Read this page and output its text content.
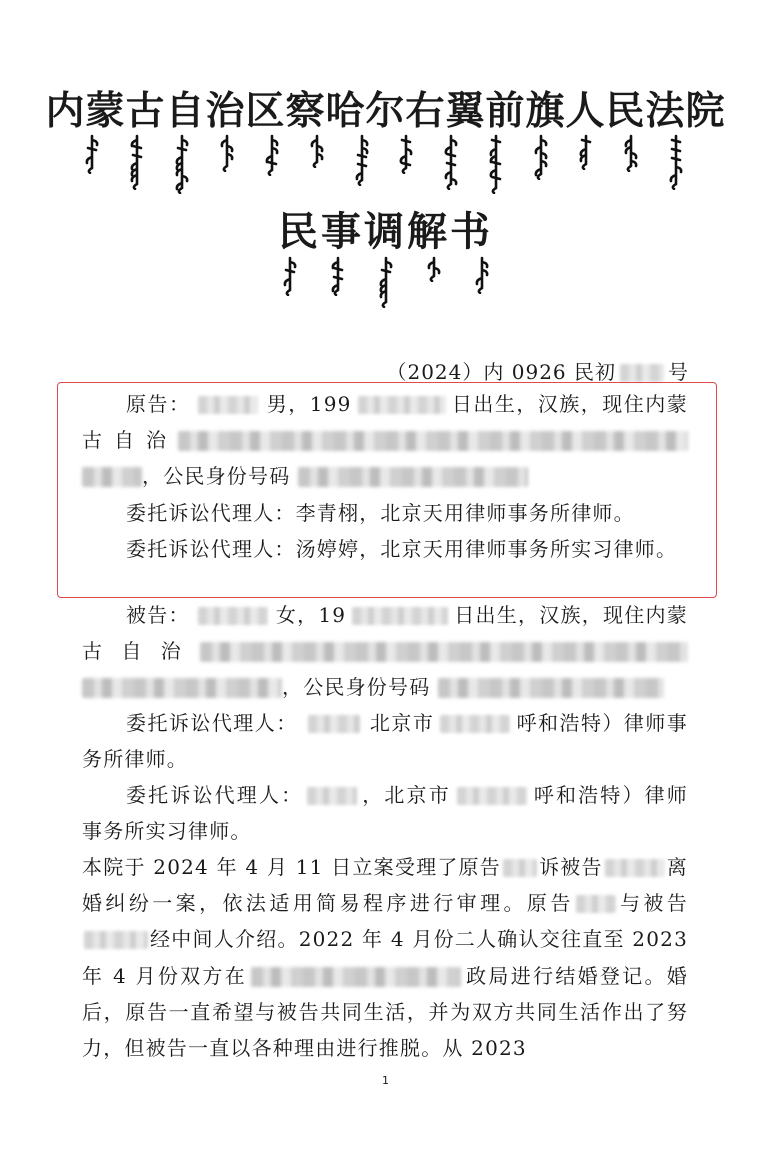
内蒙古自治区察哈尔右翼前旗人民法院
民事调解书
（2024）内 0926 民初	号
原告：	男，199	日出生，汉族，现住内蒙古自治，公民身份号码
委托诉讼代理人：李青栩，北京天用律师事务所律师。
委托诉讼代理人：汤婷婷，北京天用律师事务所实习律师。
被告：	女，19	日出生，汉族，现住内蒙古自治，公民身份号码
委托诉讼代理人：	北京市	呼和浩特）律师事务所律师。
委托诉讼代理人：	，北京市	呼和浩特）律师事务所实习律师。
本院于 2024 年 4 月 11 日立案受理了原告 诉被告	离婚纠纷一案，依法适用简易程序进行审理。原告 与被告经中间人介绍。2022 年 4 月份二人确认交往直至 2023 年 4 月份双方在	政局进行结婚登记。婚后，原告一直希望与被告共同生活，并为双方共同生活作出了努力，但被告一直以各种理由进行推脱。从 2023
1
